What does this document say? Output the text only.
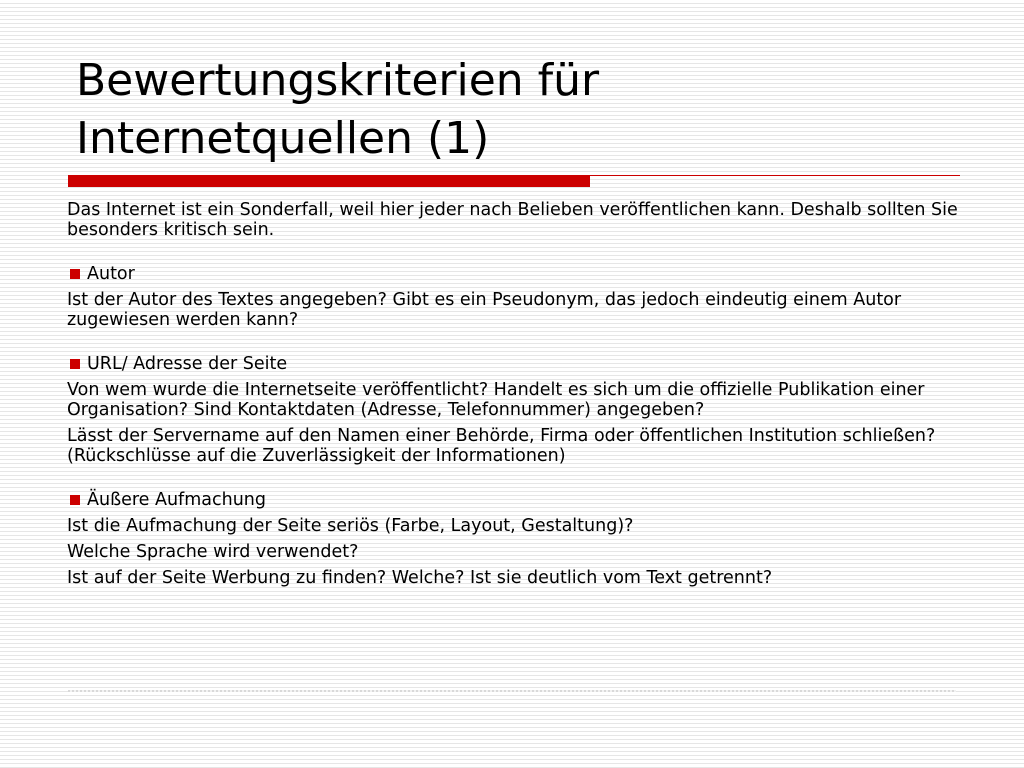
Bewertungskriterien für
Internetquellen (1)

Das Internet ist ein Sonderfall, weil hier jeder nach Belieben veröffentlichen kann. Deshalb sollten Sie besonders kritisch sein.

Autor

Ist der Autor des Textes angegeben? Gibt es ein Pseudonym, das jedoch eindeutig einem Autor zugewiesen werden kann?

URL/ Adresse der Seite

Von wem wurde die Internetseite veröffentlicht? Handelt es sich um die offizielle Publikation einer Organisation? Sind Kontaktdaten (Adresse, Telefonnummer) angegeben?

Lässt der Servername auf den Namen einer Behörde, Firma oder öffentlichen Institution schließen? (Rückschlüsse auf die Zuverlässigkeit der Informationen)

Äußere Aufmachung

Ist die Aufmachung der Seite seriös (Farbe, Layout, Gestaltung)?

Welche Sprache wird verwendet?

Ist auf der Seite Werbung zu finden? Welche? Ist sie deutlich vom Text getrennt?
